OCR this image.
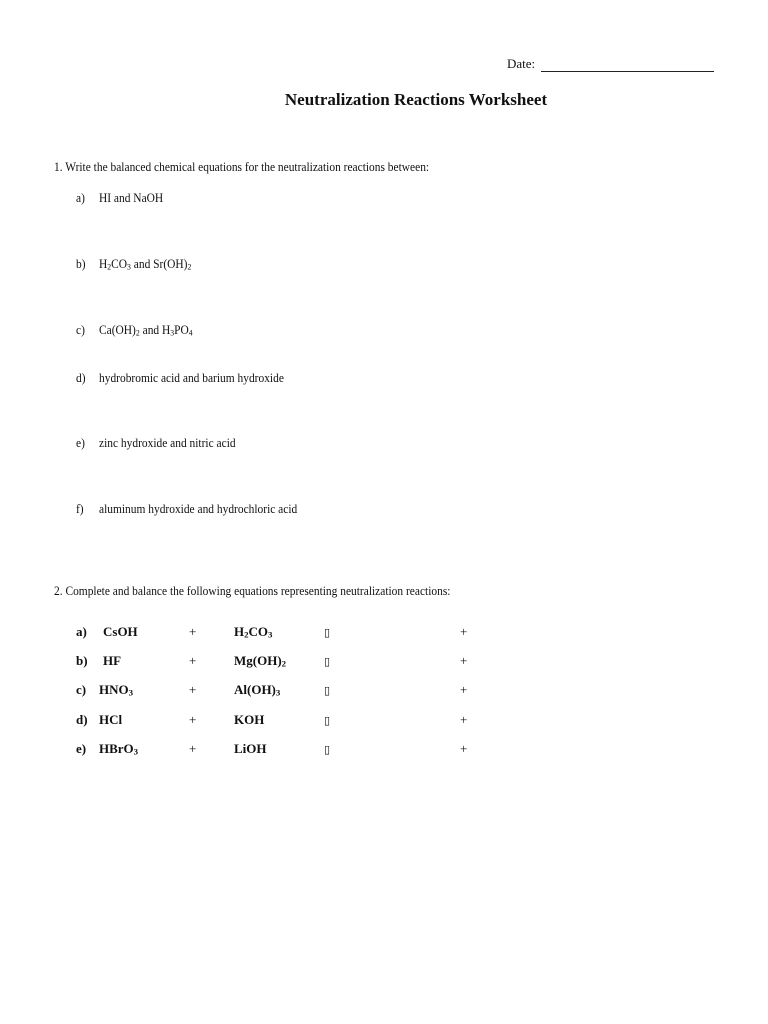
Date:
Neutralization Reactions Worksheet
1. Write the balanced chemical equations for the neutralization reactions between:
a) HI and NaOH
b) $H_2CO_3$ and $Sr(OH)_2$
c) $Ca(OH)_2$ and $H_3PO_4$
d) hydrobromic acid and barium hydroxide
e) zinc hydroxide and nitric acid
f) aluminum hydroxide and hydrochloric acid
2. Complete and balance the following equations representing neutralization reactions:
a) CsOH	+	$H_2CO_3$	▯	+
b) HF	+	$Mg(OH)_2$	▯	+
c) $HNO_3$	+	$Al(OH)_3$	▯	+
d) HCl	+	KOH	▯	+
e) HBrO$_3$	+	LiOH	▯	+
